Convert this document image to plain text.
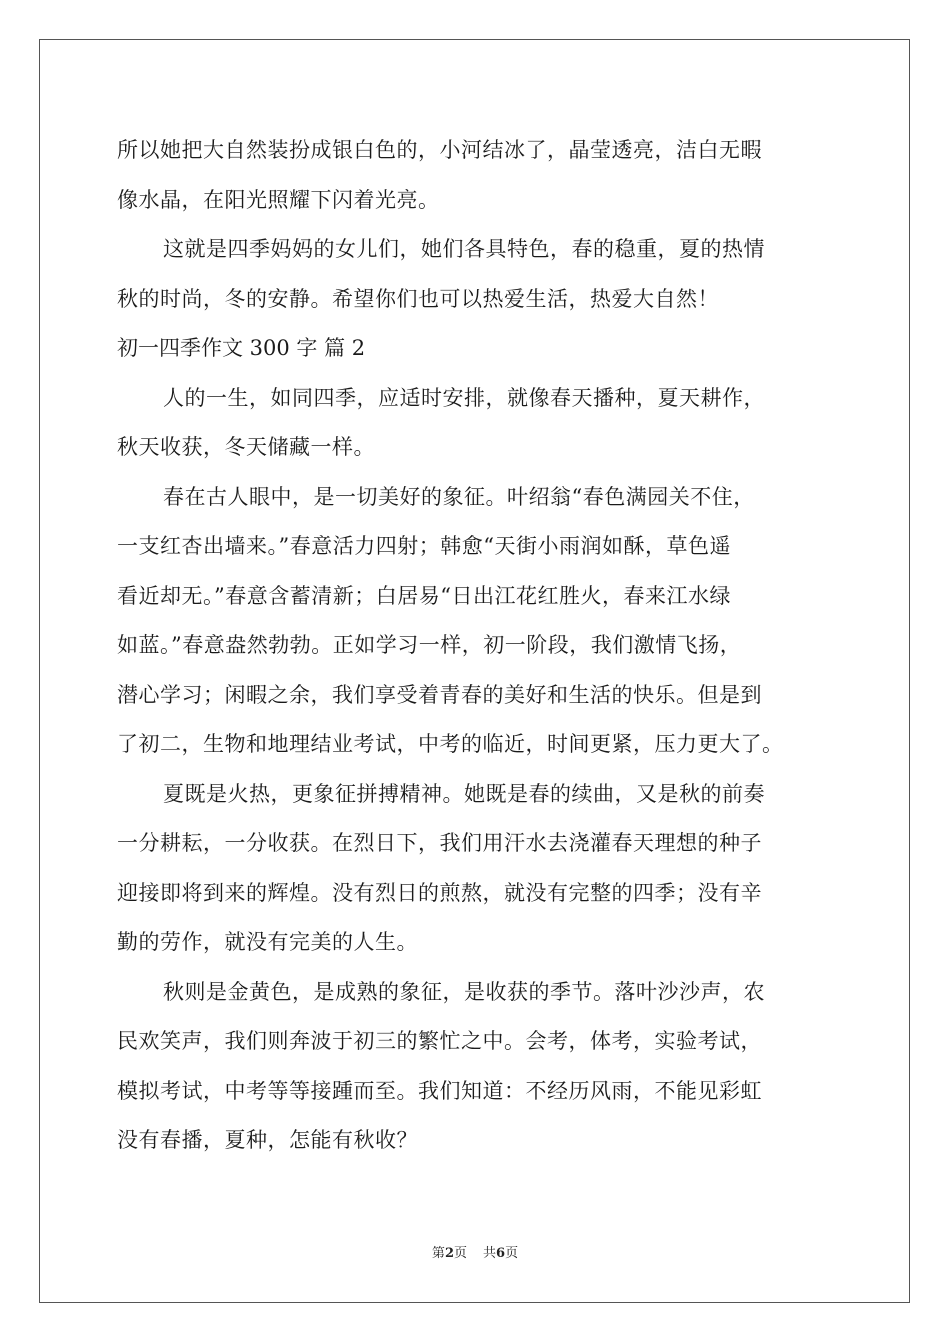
所以她把大自然装扮成银白色的，小河结冰了，晶莹透亮，洁白无暇
像水晶，在阳光照耀下闪着光亮。
这就是四季妈妈的女儿们，她们各具特色，春的稳重，夏的热情
秋的时尚，冬的安静。希望你们也可以热爱生活，热爱大自然！
初一四季作文 300 字 篇 2
人的一生，如同四季，应适时安排，就像春天播种，夏天耕作，
秋天收获，冬天储藏一样。
春在古人眼中，是一切美好的象征。叶绍翁“春色满园关不住，
一支红杏出墙来。”春意活力四射；韩愈“天街小雨润如酥，草色遥
看近却无。”春意含蓄清新；白居易“日出江花红胜火，春来江水绿
如蓝。”春意盎然勃勃。正如学习一样，初一阶段，我们激情飞扬，
潜心学习；闲暇之余，我们享受着青春的美好和生活的快乐。但是到
了初二，生物和地理结业考试，中考的临近，时间更紧，压力更大了。
夏既是火热，更象征拼搏精神。她既是春的续曲，又是秋的前奏
一分耕耘，一分收获。在烈日下，我们用汗水去浇灌春天理想的种子
迎接即将到来的辉煌。没有烈日的煎熬，就没有完整的四季；没有辛
勤的劳作，就没有完美的人生。
秋则是金黄色，是成熟的象征，是收获的季节。落叶沙沙声，农
民欢笑声，我们则奔波于初三的繁忙之中。会考，体考，实验考试，
模拟考试，中考等等接踵而至。我们知道：不经历风雨，不能见彩虹
没有春播，夏种，怎能有秋收？
第2页 共6页
